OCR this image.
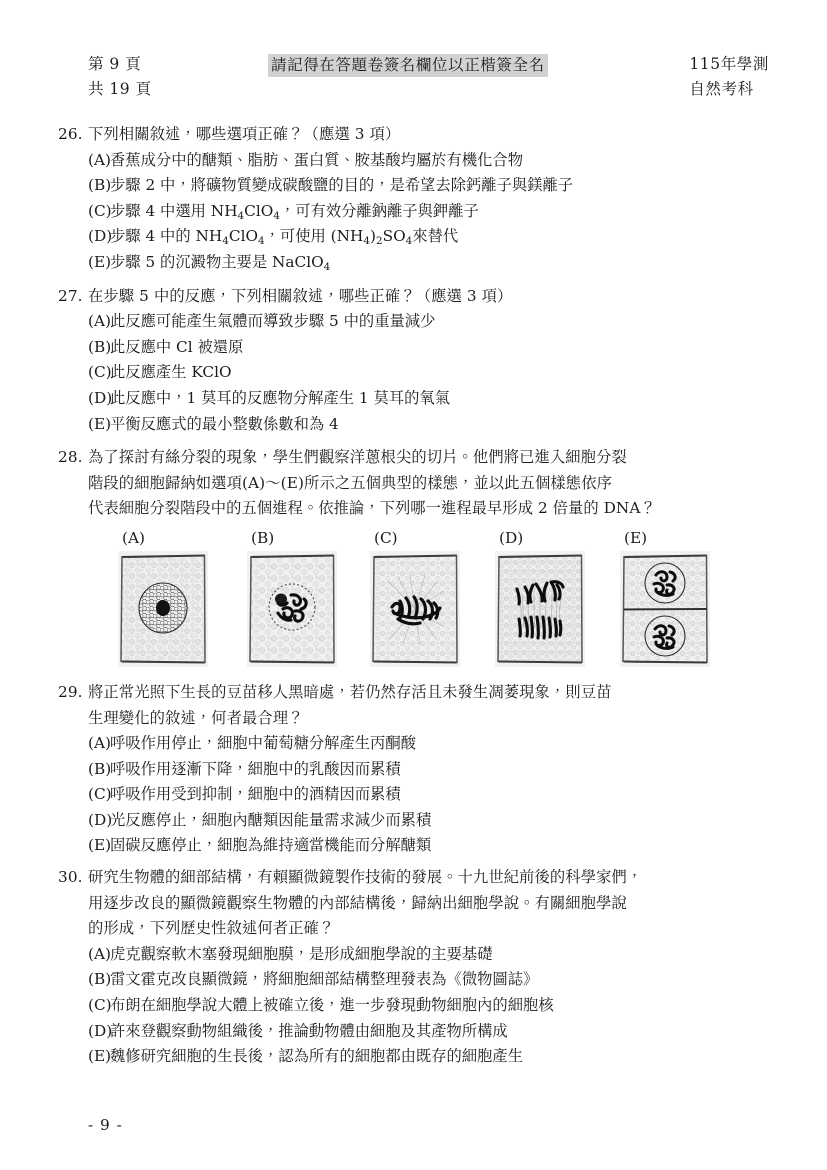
第 9 頁
共 19 頁
請記得在答題卷簽名欄位以正楷簽全名	115年學測
自然考科
26. 下列相關敘述，哪些選項正確？（應選 3 項）
(A) 香蕉成分中的醣類、脂肪、蛋白質、胺基酸均屬於有機化合物
(B)
步驟 2 中，將礦物質變成碳酸鹽的目的，是希望去除鈣離子與鎂離子
(C)
步驟 4 中選用 $NH_4ClO_4$，可有效分離鈉離子與鉀離子
(D)
步驟 4 中的 $NH_4ClO_4$，可使用 $(NH_4)_2SO_4$來替代
(E)
步驟 5 的沉澱物主要是 NaClO$_4$
27. 在步驟 5 中的反應，下列相關敘述，哪些正確？（應選 3 項）
(A) 此反應可能產生氣體而導致步驟 5 中的重量減少
(B)
此反應中 Cl 被還原
(C)
此反應產生 KClO
(D)
此反應中，1 莫耳的反應物分解產生 1 莫耳的氧氣
(E)
平衡反應式的最小整數係數和為 4
28. 為了探討有絲分裂的現象，學生們觀察洋蔥根尖的切片。他們將已進入細胞分裂
階段的細胞歸納如選項(A)～(E)所示之五個典型的樣態，並以此五個樣態依序
代表細胞分裂階段中的五個進程。依推論，下列哪一進程最早形成 2 倍量的 DNA？
(A)	(B)	(C)	(D)	(E)
29. 將正常光照下生長的豆苗移人黑暗處，若仍然存活且未發生凋萎現象，則豆苗
生理變化的敘述，何者最合理？
(A) 呼吸作用停止，細胞中葡萄糖分解產生丙酮酸
(B)
呼吸作用逐漸下降，細胞中的乳酸因而累積
(C)
呼吸作用受到抑制，細胞中的酒精因而累積
(D)
光反應停止，細胞內醣類因能量需求減少而累積
(E)
固碳反應停止，細胞為維持適當機能而分解醣類
30. 研究生物體的細部結構，有賴顯微鏡製作技術的發展。十九世紀前後的科學家們，
用逐步改良的顯微鏡觀察生物體的內部結構後，歸納出細胞學說。有關細胞學說
的形成，下列歷史性敘述何者正確？
(A) 虎克觀察軟木塞發現細胞膜，是形成細胞學說的主要基礎
(B)
雷文霍克改良顯微鏡，將細胞細部結構整理發表為《微物圖誌》
(C)
布朗在細胞學說大體上被確立後，進一步發現動物細胞內的細胞核
(D)
許來登觀察動物組織後，推論動物體由細胞及其產物所構成
(E)
魏修研究細胞的生長後，認為所有的細胞都由既存的細胞產生
- 9 -
